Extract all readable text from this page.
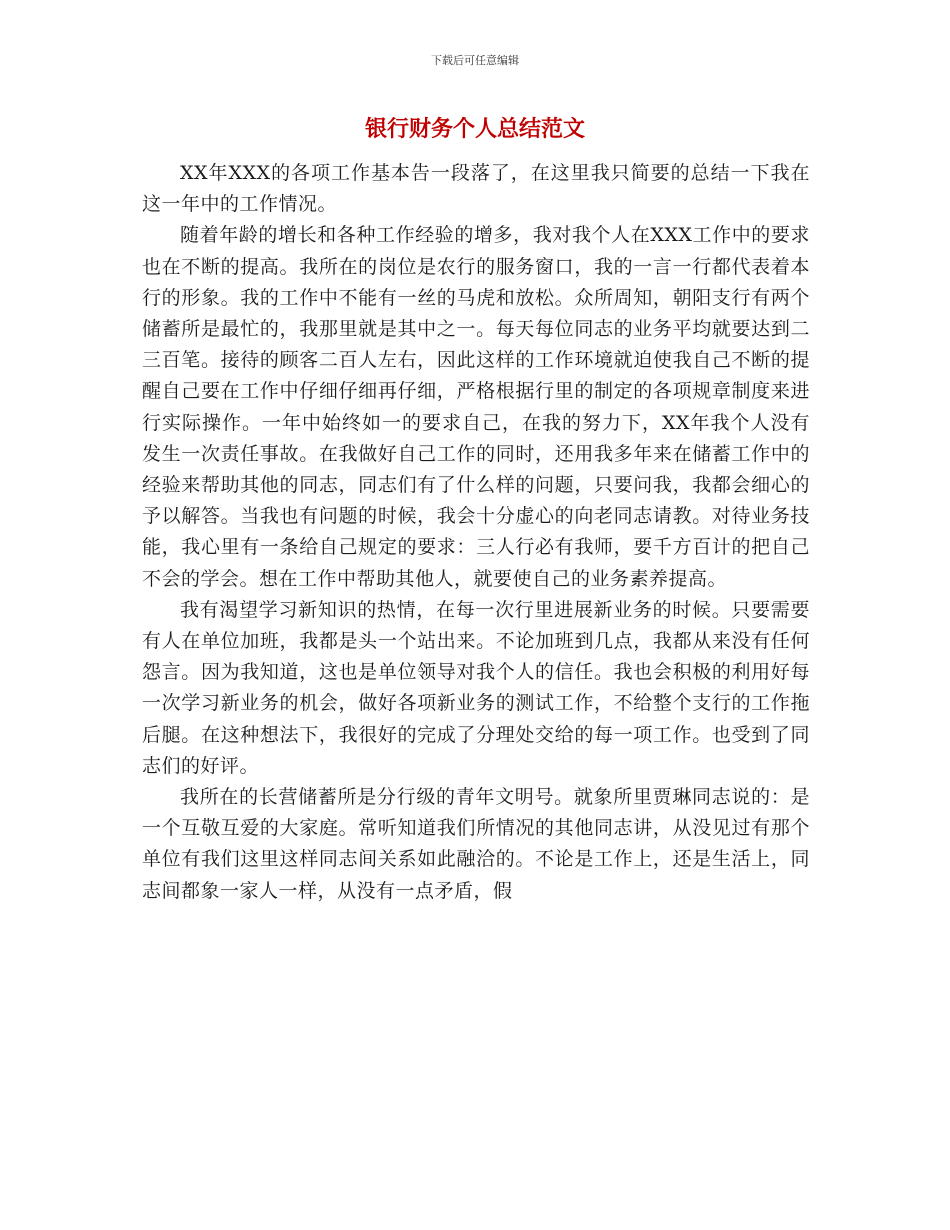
下载后可任意编辑
银行财务个人总结范文

XX年XXX的各项工作基本告一段落了，在这里我只简要的总结一下我在这一年中的工作情况。

随着年龄的增长和各种工作经验的增多，我对我个人在XXX工作中的要求也在不断的提高。我所在的岗位是农行的服务窗口，我的一言一行都代表着本行的形象。我的工作中不能有一丝的马虎和放松。众所周知，朝阳支行有两个储蓄所是最忙的，我那里就是其中之一。每天每位同志的业务平均就要达到二三百笔。接待的顾客二百人左右，因此这样的工作环境就迫使我自己不断的提醒自己要在工作中仔细仔细再仔细，严格根据行里的制定的各项规章制度来进行实际操作。一年中始终如一的要求自己，在我的努力下，XX年我个人没有发生一次责任事故。在我做好自己工作的同时，还用我多年来在储蓄工作中的经验来帮助其他的同志，同志们有了什么样的问题，只要问我，我都会细心的予以解答。当我也有问题的时候，我会十分虚心的向老同志请教。对待业务技能，我心里有一条给自己规定的要求：三人行必有我师，要千方百计的把自己不会的学会。想在工作中帮助其他人，就要使自己的业务素养提高。

我有渴望学习新知识的热情，在每一次行里进展新业务的时候。只要需要有人在单位加班，我都是头一个站出来。不论加班到几点，我都从来没有任何怨言。因为我知道，这也是单位领导对我个人的信任。我也会积极的利用好每一次学习新业务的机会，做好各项新业务的测试工作，不给整个支行的工作拖后腿。在这种想法下，我很好的完成了分理处交给的每一项工作。也受到了同志们的好评。

我所在的长营储蓄所是分行级的青年文明号。就象所里贾琳同志说的：是一个互敬互爱的大家庭。常听知道我们所情况的其他同志讲，从没见过有那个单位有我们这里这样同志间关系如此融洽的。不论是工作上，还是生活上，同志间都象一家人一样，从没有一点矛盾，假
